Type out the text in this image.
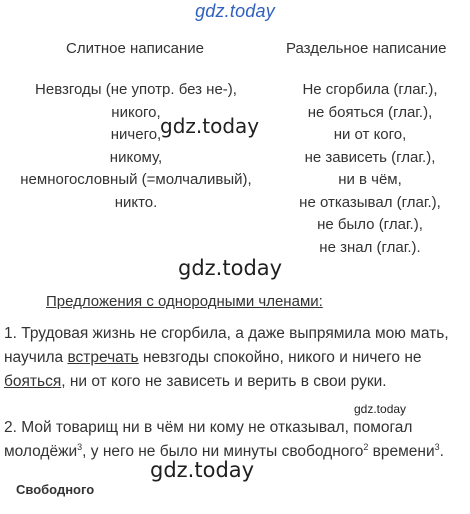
gdz.today
Слитное написание	Раздельное написание
Невзгоды (не употр. без не-),
никого,
ничего,
никому,
немногословный (=молчаливый),
никто.
Не сгорбила (глаг.),
не бояться (глаг.),
ни от кого,
не зависеть (глаг.),
ни в чём,
не отказывал (глаг.),
не было (глаг.),
не знал (глаг.).
gdz.today
gdz.today
Предложения с однородными членами:
1. Трудовая жизнь не сгорбила, а даже выпрямила мою мать,
научила встречать невзгоды спокойно, никого и ничего не
бояться, ни от кого не зависеть и верить в свои руки.
gdz.today
2. Мой товарищ ни в чём ни кому не отказывал, помогал
молодёжи$^3$, у него не было ни минуты свободного$^2$ времени$^3$.
gdz.today
Свободного
